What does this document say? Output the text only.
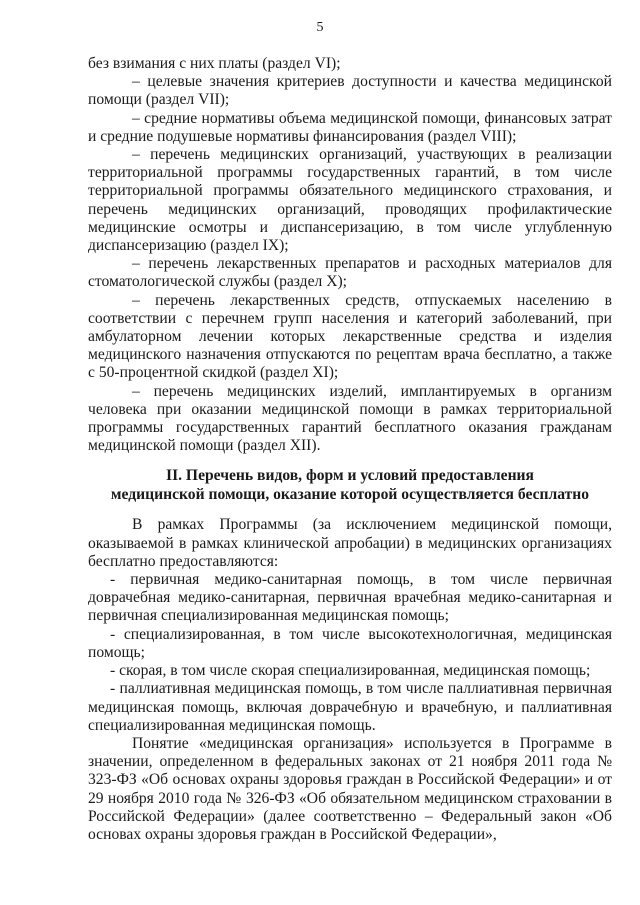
5

без взимания с них платы (раздел VI);

– целевые значения критериев доступности и качества медицинской помощи (раздел VII);

– средние нормативы объема медицинской помощи, финансовых затрат и средние подушевые нормативы финансирования (раздел VIII);

– перечень медицинских организаций, участвующих в реализации территориальной программы государственных гарантий, в том числе территориальной программы обязательного медицинского страхования, и перечень медицинских организаций, проводящих профилактические медицинские осмотры и диспансеризацию, в том числе углубленную диспансеризацию (раздел IX);

– перечень лекарственных препаратов и расходных материалов для стоматологической службы (раздел X);

– перечень лекарственных средств, отпускаемых населению в соответствии с перечнем групп населения и категорий заболеваний, при амбулаторном лечении которых лекарственные средства и изделия медицинского назначения отпускаются по рецептам врача бесплатно, а также с 50-процентной скидкой (раздел XI);

– перечень медицинских изделий, имплантируемых в организм человека при оказании медицинской помощи в рамках территориальной программы государственных гарантий бесплатного оказания гражданам медицинской помощи (раздел XII).

II. Перечень видов, форм и условий предоставления
медицинской помощи, оказание которой осуществляется бесплатно

В рамках Программы (за исключением медицинской помощи, оказываемой в рамках клинической апробации) в медицинских организациях бесплатно предоставляются:

- первичная медико-санитарная помощь, в том числе первичная доврачебная медико-санитарная, первичная врачебная медико-санитарная и первичная специализированная медицинская помощь;

- специализированная, в том числе высокотехнологичная, медицинская помощь;

- скорая, в том числе скорая специализированная, медицинская помощь;

- паллиативная медицинская помощь, в том числе паллиативная первичная медицинская помощь, включая доврачебную и врачебную, и паллиативная специализированная медицинская помощь.

Понятие «медицинская организация» используется в Программе в значении, определенном в федеральных законах от 21 ноября 2011 года № 323-ФЗ «Об основах охраны здоровья граждан в Российской Федерации» и от 29 ноября 2010 года № 326-ФЗ «Об обязательном медицинском страховании в Российской Федерации» (далее соответственно – Федеральный закон «Об основах охраны здоровья граждан в Российской Федерации»,
